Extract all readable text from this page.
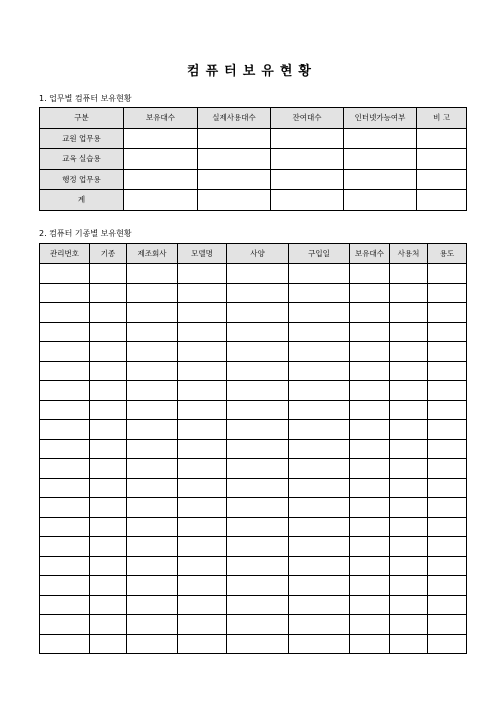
컴퓨터보유현황
1. 업무별 컴퓨터 보유현황
구분	보유대수	실제사용대수	잔여대수	인터넷가능여부	비 고
교원 업무용					
교육 실습용					
행정 업무용					
계					
2. 컴퓨터 기종별 보유현황
관리번호	기종	제조회사	모델명	사양	구입일	보유대수	사용처	용도
